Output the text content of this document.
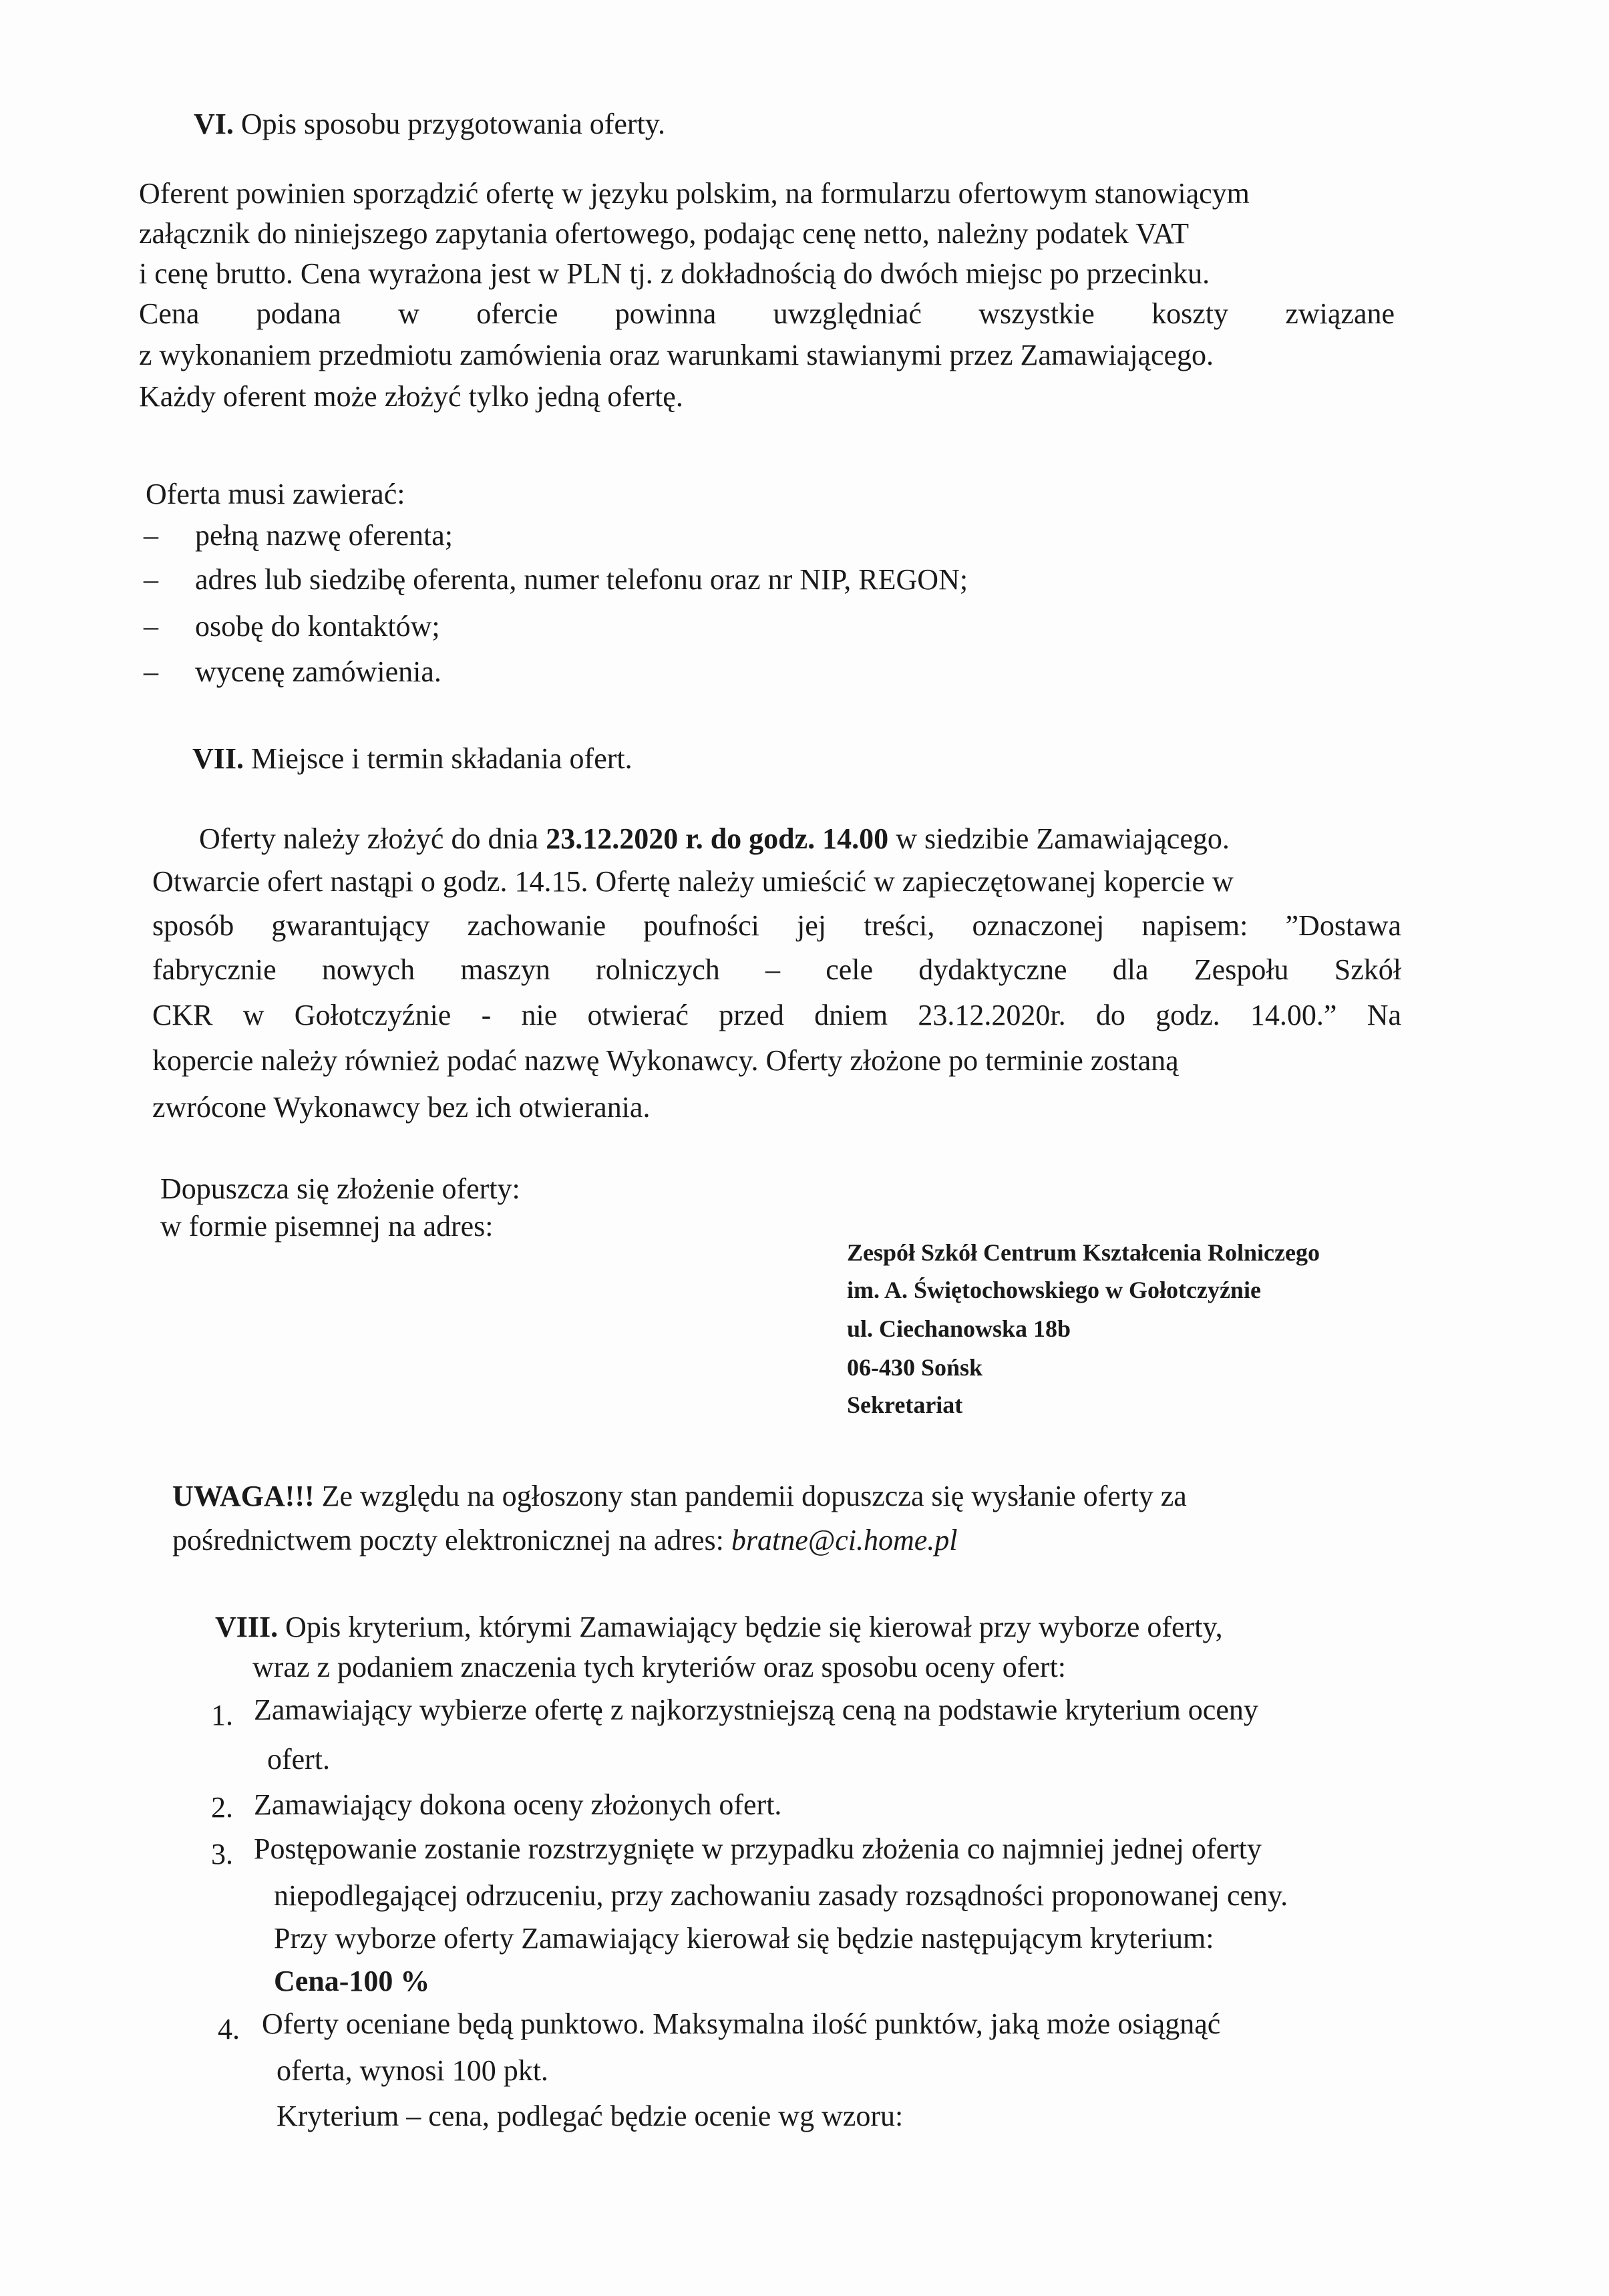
VI. Opis sposobu przygotowania oferty.
Oferent powinien sporządzić ofertę w języku polskim, na formularzu ofertowym stanowiącym
załącznik do niniejszego zapytania ofertowego, podając cenę netto, należny podatek VAT
i cenę brutto. Cena wyrażona jest w PLN tj. z dokładnością do dwóch miejsc po przecinku.
Cena podana w ofercie powinna uwzględniać wszystkie koszty związane
z wykonaniem przedmiotu zamówienia oraz warunkami stawianymi przez Zamawiającego.
Każdy oferent może złożyć tylko jedną ofertę.
Oferta musi zawierać:
– pełną nazwę oferenta;
– adres lub siedzibę oferenta, numer telefonu oraz nr NIP, REGON;
– osobę do kontaktów;
– wycenę zamówienia.
VII. Miejsce i termin składania ofert.
Oferty należy złożyć do dnia 23.12.2020 r. do godz. 14.00 w siedzibie Zamawiającego.
Otwarcie ofert nastąpi o godz. 14.15. Ofertę należy umieścić w zapieczętowanej kopercie w
sposób gwarantujący zachowanie poufności jej treści, oznaczonej napisem: ”Dostawa
fabrycznie nowych maszyn rolniczych – cele dydaktyczne dla Zespołu Szkół
CKR w Gołotczyźnie - nie otwierać przed dniem 23.12.2020r. do godz. 14.00.” Na
kopercie należy również podać nazwę Wykonawcy. Oferty złożone po terminie zostaną
zwrócone Wykonawcy bez ich otwierania.
Dopuszcza się złożenie oferty:
w formie pisemnej na adres:
Zespół Szkół Centrum Kształcenia Rolniczego
im. A. Świętochowskiego w Gołotczyźnie
ul. Ciechanowska 18b
06-430 Sońsk
Sekretariat
UWAGA!!! Ze względu na ogłoszony stan pandemii dopuszcza się wysłanie oferty za
pośrednictwem poczty elektronicznej na adres: bratne@ci.home.pl
VIII. Opis kryterium, którymi Zamawiający będzie się kierował przy wyborze oferty,
wraz z podaniem znaczenia tych kryteriów oraz sposobu oceny ofert:
1. Zamawiający wybierze ofertę z najkorzystniejszą ceną na podstawie kryterium oceny
ofert.
2. Zamawiający dokona oceny złożonych ofert.
3. Postępowanie zostanie rozstrzygnięte w przypadku złożenia co najmniej jednej oferty
niepodlegającej odrzuceniu, przy zachowaniu zasady rozsądności proponowanej ceny.
Przy wyborze oferty Zamawiający kierował się będzie następującym kryterium:
Cena-100 %
4. Oferty oceniane będą punktowo. Maksymalna ilość punktów, jaką może osiągnąć
oferta, wynosi 100 pkt.
Kryterium – cena, podlegać będzie ocenie wg wzoru:
